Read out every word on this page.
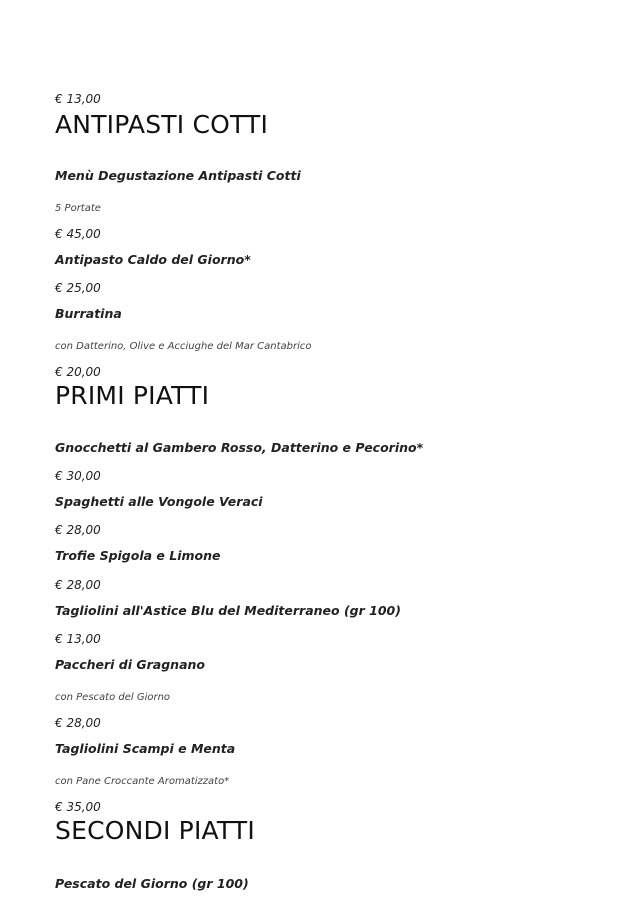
€ 13,00
ANTIPASTI COTTI
Menù Degustazione Antipasti Cotti
5 Portate
€ 45,00
Antipasto Caldo del Giorno*
€ 25,00
Burratina
con Datterino, Olive e Acciughe del Mar Cantabrico
€ 20,00
PRIMI PIATTI
Gnocchetti al Gambero Rosso, Datterino e Pecorino*
€ 30,00
Spaghetti alle Vongole Veraci
€ 28,00
Trofie Spigola e Limone
€ 28,00
Tagliolini all'Astice Blu del Mediterraneo (gr 100)
€ 13,00
Paccheri di Gragnano
con Pescato del Giorno
€ 28,00
Tagliolini Scampi e Menta
con Pane Croccante Aromatizzato*
€ 35,00
SECONDI PIATTI
Pescato del Giorno (gr 100)
